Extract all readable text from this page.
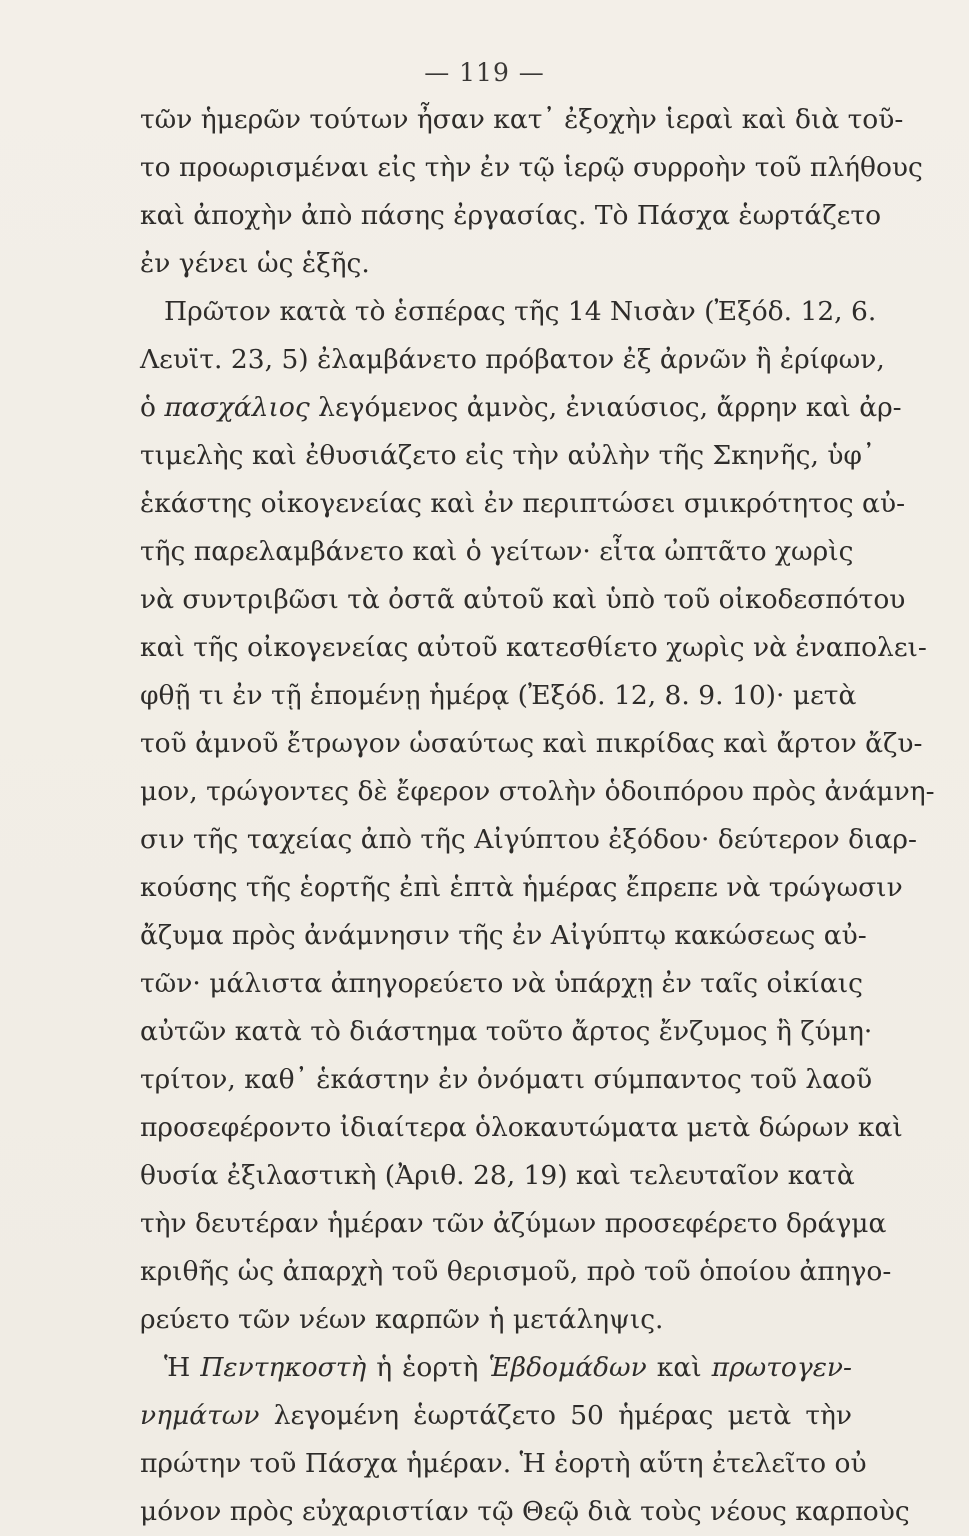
— 119 —
τῶν ἡμερῶν τούτων ἦσαν κατ᾽ ἐξοχὴν ἱεραὶ καὶ διὰ τοῦ-
το προωρισμέναι εἰς τὴν ἐν τῷ ἱερῷ συρροὴν τοῦ πλήθους
καὶ ἀποχὴν ἀπὸ πάσης ἐργασίας. Τὸ Πάσχα ἑωρτάζετο
ἐν γένει ὡς ἑξῆς.
Πρῶτον κατὰ τὸ ἑσπέρας τῆς 14 Νισὰν (Ἐξόδ. 12, 6.
Λευϊτ. 23, 5) ἐλαμβάνετο πρόβατον ἐξ ἀρνῶν ἢ ἐρίφων,
ὁ πασχάλιος λεγόμενος ἀμνὸς, ἐνιαύσιος, ἄρρην καὶ ἀρ-
τιμελὴς καὶ ἐθυσιάζετο εἰς τὴν αὐλὴν τῆς Σκηνῆς, ὑφ᾽
ἑκάστης οἰκογενείας καὶ ἐν περιπτώσει σμικρότητος αὐ-
τῆς παρελαμβάνετο καὶ ὁ γείτων· εἶτα ὠπτᾶτο χωρὶς
νὰ συντριβῶσι τὰ ὀστᾶ αὐτοῦ καὶ ὑπὸ τοῦ οἰκοδεσπότου
καὶ τῆς οἰκογενείας αὐτοῦ κατεσθίετο χωρὶς νὰ ἐναπολει-
φθῇ τι ἐν τῇ ἑπομένῃ ἡμέρᾳ (Ἐξόδ. 12, 8. 9. 10)· μετὰ
τοῦ ἀμνοῦ ἔτρωγον ὡσαύτως καὶ πικρίδας καὶ ἄρτον ἄζυ-
μον, τρώγοντες δὲ ἔφερον στολὴν ὁδοιπόρου πρὸς ἀνάμνη-
σιν τῆς ταχείας ἀπὸ τῆς Αἰγύπτου ἐξόδου· δεύτερον διαρ-
κούσης τῆς ἑορτῆς ἐπὶ ἑπτὰ ἡμέρας ἔπρεπε νὰ τρώγωσιν
ἄζυμα πρὸς ἀνάμνησιν τῆς ἐν Αἰγύπτῳ κακώσεως αὐ-
τῶν· μάλιστα ἀπηγορεύετο νὰ ὑπάρχῃ ἐν ταῖς οἰκίαις
αὐτῶν κατὰ τὸ διάστημα τοῦτο ἄρτος ἔνζυμος ἢ ζύμη·
τρίτον, καθ᾽ ἑκάστην ἐν ὀνόματι σύμπαντος τοῦ λαοῦ
προσεφέροντο ἰδιαίτερα ὁλοκαυτώματα μετὰ δώρων καὶ
θυσία ἐξιλαστικὴ (Ἀριθ. 28, 19) καὶ τελευταῖον κατὰ
τὴν δευτέραν ἡμέραν τῶν ἀζύμων προσεφέρετο δράγμα
κριθῆς ὡς ἀπαρχὴ τοῦ θερισμοῦ, πρὸ τοῦ ὁποίου ἀπηγο-
ρεύετο τῶν νέων καρπῶν ἡ μετάληψις.
Ἡ Πεντηκοστὴ ἡ ἑορτὴ Ἑβδομάδων καὶ πρωτογεν-
νημάτων λεγομένη ἑωρτάζετο 50 ἡμέρας μετὰ τὴν
πρώτην τοῦ Πάσχα ἡμέραν. Ἡ ἑορτὴ αὕτη ἐτελεῖτο οὐ
μόνον πρὸς εὐχαριστίαν τῷ Θεῷ διὰ τοὺς νέους καρποὺς
